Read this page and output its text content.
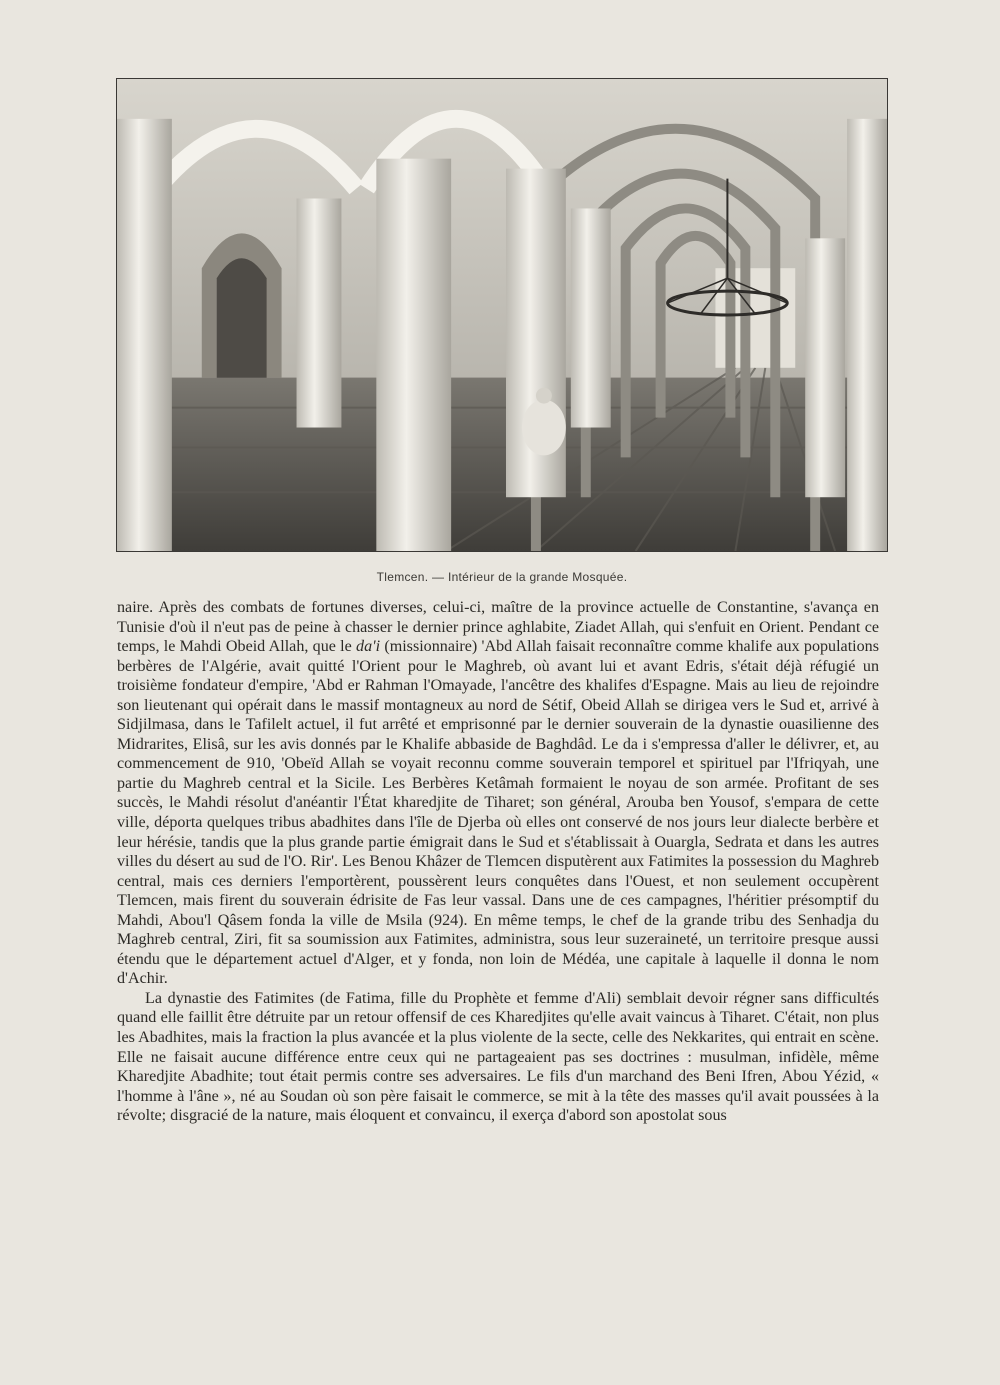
Tlemcen. — Intérieur de la grande Mosquée.

naire. Après des combats de fortunes diverses, celui-ci, maître de la province actuelle de Constantine, s'avança en Tunisie d'où il n'eut pas de peine à chasser le dernier prince aghlabite, Ziadet Allah, qui s'enfuit en Orient. Pendant ce temps, le Mahdi Obeid Allah, que le da'i (missionnaire) 'Abd Allah faisait reconnaître comme khalife aux populations berbères de l'Algérie, avait quitté l'Orient pour le Maghreb, où avant lui et avant Edris, s'était déjà réfugié un troisième fondateur d'empire, 'Abd er Rahman l'Omayade, l'ancêtre des khalifes d'Espagne. Mais au lieu de rejoindre son lieutenant qui opérait dans le massif montagneux au nord de Sétif, Obeid Allah se dirigea vers le Sud et, arrivé à Sidjilmasa, dans le Tafilelt actuel, il fut arrêté et emprisonné par le dernier souverain de la dynastie ouasilienne des Midrarites, Elisâ, sur les avis donnés par le Khalife abbaside de Baghdâd. Le da i s'empressa d'aller le délivrer, et, au commencement de 910, 'Obeïd Allah se voyait reconnu comme souverain temporel et spirituel par l'Ifriqyah, une partie du Maghreb central et la Sicile. Les Berbères Ketâmah formaient le noyau de son armée. Profitant de ses succès, le Mahdi résolut d'anéantir l'État kharedjite de Tiharet; son général, Arouba ben Yousof, s'empara de cette ville, déporta quelques tribus abadhites dans l'île de Djerba où elles ont conservé de nos jours leur dialecte berbère et leur hérésie, tandis que la plus grande partie émigrait dans le Sud et s'établissait à Ouargla, Sedrata et dans les autres villes du désert au sud de l'O. Rir'. Les Benou Khâzer de Tlemcen disputèrent aux Fatimites la possession du Maghreb central, mais ces derniers l'emportèrent, poussèrent leurs conquêtes dans l'Ouest, et non seulement occupèrent Tlemcen, mais firent du souverain édrisite de Fas leur vassal. Dans une de ces campagnes, l'héritier présomptif du Mahdi, Abou'l Qâsem fonda la ville de Msila (924). En même temps, le chef de la grande tribu des Senhadja du Maghreb central, Ziri, fit sa soumission aux Fatimites, administra, sous leur suzeraineté, un territoire presque aussi étendu que le département actuel d'Alger, et y fonda, non loin de Médéa, une capitale à laquelle il donna le nom d'Achir.

La dynastie des Fatimites (de Fatima, fille du Prophète et femme d'Ali) semblait devoir régner sans difficultés quand elle faillit être détruite par un retour offensif de ces Kharedjites qu'elle avait vaincus à Tiharet. C'était, non plus les Abadhites, mais la fraction la plus avancée et la plus violente de la secte, celle des Nekkarites, qui entrait en scène. Elle ne faisait aucune différence entre ceux qui ne partageaient pas ses doctrines : musulman, infidèle, même Kharedjite Abadhite; tout était permis contre ses adversaires. Le fils d'un marchand des Beni Ifren, Abou Yézid, « l'homme à l'âne », né au Soudan où son père faisait le commerce, se mit à la tête des masses qu'il avait poussées à la révolte; disgracié de la nature, mais éloquent et convaincu, il exerça d'abord son apostolat sous
